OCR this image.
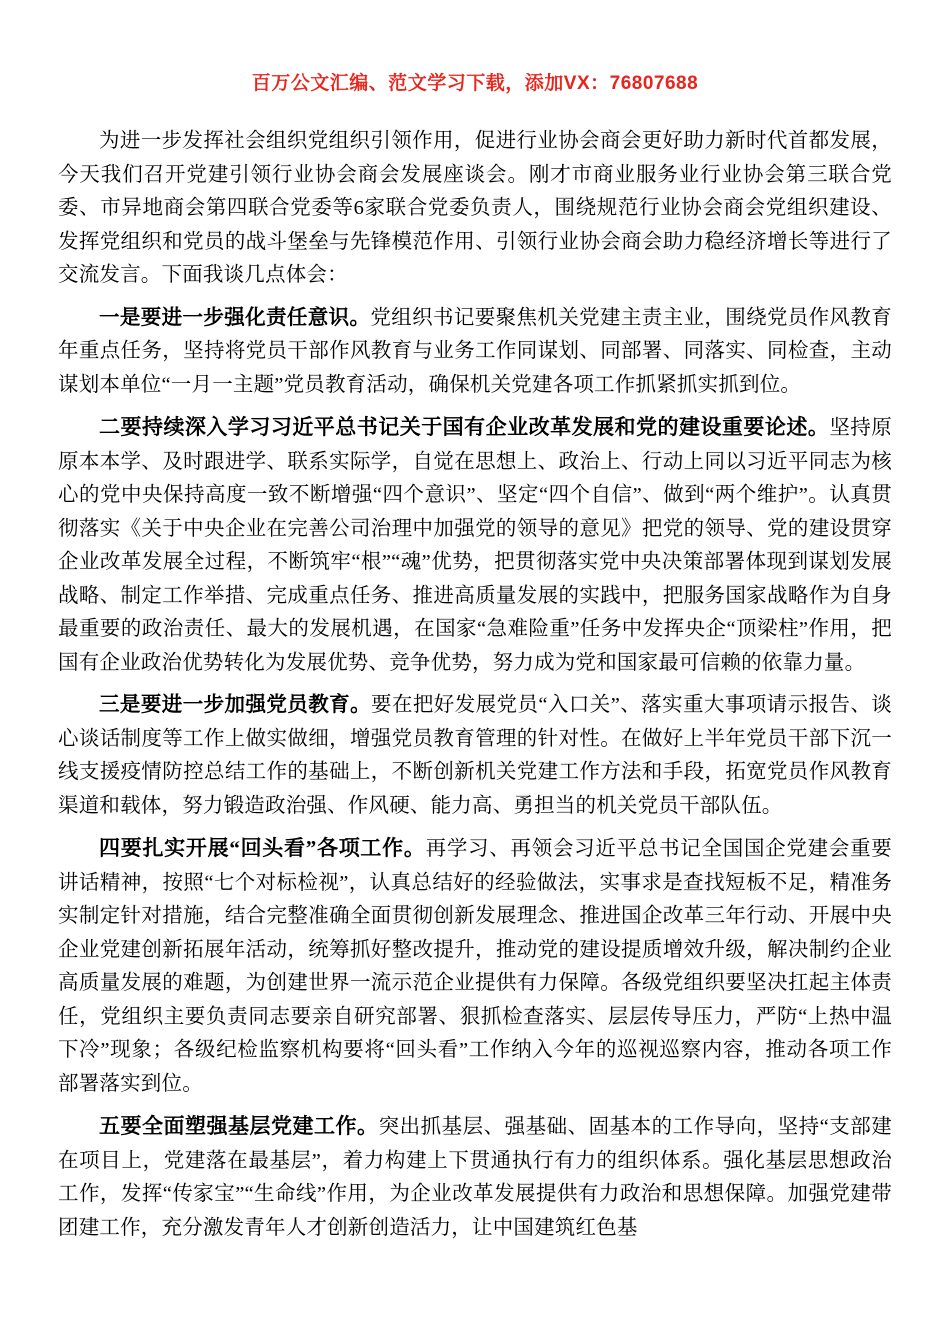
百万公文汇编、范文学习下载，添加VX：76807688

为进一步发挥社会组织党组织引领作用，促进行业协会商会更好助力新时代首都发展，今天我们召开党建引领行业协会商会发展座谈会。刚才市商业服务业行业协会第三联合党委、市异地商会第四联合党委等6家联合党委负责人，围绕规范行业协会商会党组织建设、发挥党组织和党员的战斗堡垒与先锋模范作用、引领行业协会商会助力稳经济增长等进行了交流发言。下面我谈几点体会：

一是要进一步强化责任意识。党组织书记要聚焦机关党建主责主业，围绕党员作风教育年重点任务，坚持将党员干部作风教育与业务工作同谋划、同部署、同落实、同检查，主动谋划本单位“一月一主题”党员教育活动，确保机关党建各项工作抓紧抓实抓到位。

二要持续深入学习习近平总书记关于国有企业改革发展和党的建设重要论述。坚持原原本本学、及时跟进学、联系实际学，自觉在思想上、政治上、行动上同以习近平同志为核心的党中央保持高度一致不断增强“四个意识”、坚定“四个自信”、做到“两个维护”。认真贯彻落实《关于中央企业在完善公司治理中加强党的领导的意见》把党的领导、党的建设贯穿企业改革发展全过程，不断筑牢“根”“魂”优势，把贯彻落实党中央决策部署体现到谋划发展战略、制定工作举措、完成重点任务、推进高质量发展的实践中，把服务国家战略作为自身最重要的政治责任、最大的发展机遇，在国家“急难险重”任务中发挥央企“顶梁柱”作用，把国有企业政治优势转化为发展优势、竞争优势，努力成为党和国家最可信赖的依靠力量。

三是要进一步加强党员教育。要在把好发展党员“入口关”、落实重大事项请示报告、谈心谈话制度等工作上做实做细，增强党员教育管理的针对性。在做好上半年党员干部下沉一线支援疫情防控总结工作的基础上，不断创新机关党建工作方法和手段，拓宽党员作风教育渠道和载体，努力锻造政治强、作风硬、能力高、勇担当的机关党员干部队伍。

四要扎实开展“回头看”各项工作。再学习、再领会习近平总书记全国国企党建会重要讲话精神，按照“七个对标检视”，认真总结好的经验做法，实事求是查找短板不足，精准务实制定针对措施，结合完整准确全面贯彻创新发展理念、推进国企改革三年行动、开展中央企业党建创新拓展年活动，统筹抓好整改提升，推动党的建设提质增效升级，解决制约企业高质量发展的难题，为创建世界一流示范企业提供有力保障。各级党组织要坚决扛起主体责任，党组织主要负责同志要亲自研究部署、狠抓检查落实、层层传导压力，严防“上热中温下冷”现象；各级纪检监察机构要将“回头看”工作纳入今年的巡视巡察内容，推动各项工作部署落实到位。

五要全面塑强基层党建工作。突出抓基层、强基础、固基本的工作导向，坚持“支部建在项目上，党建落在最基层”，着力构建上下贯通执行有力的组织体系。强化基层思想政治工作，发挥“传家宝”“生命线”作用，为企业改革发展提供有力政治和思想保障。加强党建带团建工作，充分激发青年人才创新创造活力，让中国建筑红色基
